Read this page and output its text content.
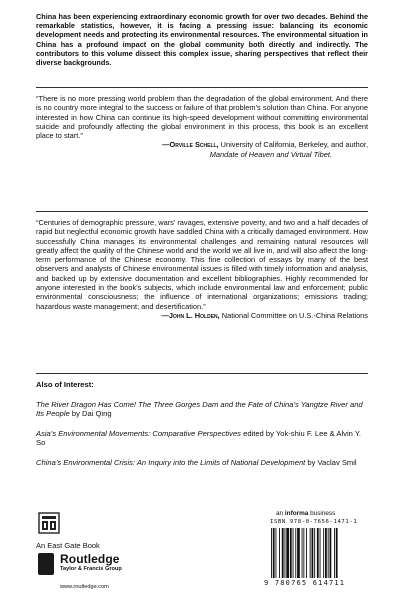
China has been experiencing extraordinary economic growth for over two decades. Behind the remarkable statistics, however, it is facing a pressing issue: balancing its economic development needs and protecting its environmental resources. The environmental situation in China has a profound impact on the global community both directly and indirectly. The contributors to this volume dissect this complex issue, sharing perspectives that reflect their diverse backgrounds.
“There is no more pressing world problem than the degradation of the global environment. And there is no country more integral to the success or failure of that problem’s solution than China. For anyone interested in how China can continue its high-speed development without committing environmental suicide and profoundly affecting the global environment in this process, this book is an excellent place to start.”
—Orville Schell, University of California, Berkeley, and author,
Mandate of Heaven and Virtual Tibet.
“Centuries of demographic pressure, wars’ ravages, extensive poverty, and two and a half decades of rapid but neglectful economic growth have saddled China with a critically damaged environment. How successfully China manages its environmental challenges and remaining natural resources will greatly affect the quality of the Chinese world and the world we all live in, and will also affect the long-term performance of the Chinese economy. This fine collection of essays by many of the best observers and analysts of Chinese environmental issues is filled with timely information and analysis, and backed up by extensive documentation and excellent bibliographies. Highly recommended for anyone interested in the book’s subjects, which include environmental law and enforcement; public environmental consciousness; the influence of international organizations; emissions trading; hazardous waste management; and desertification.”
—John L. Holden, National Committee on U.S.-China Relations
Also of Interest:
The River Dragon Has Come! The Three Gorges Dam and the Fate of China’s Yangtze River and Its People by Dai Qing
Asia’s Environmental Movements: Comparative Perspectives edited by Yok-shiu F. Lee & Alvin Y. So
China’s Environmental Crisis: An Inquiry into the Limits of National Development by Vaclav Smil
An East Gate Book
Routledge
Taylor & Francis Group
www.routledge.com
an informa business
ISBN 978-0-7656-1471-1
9 780765 614711
